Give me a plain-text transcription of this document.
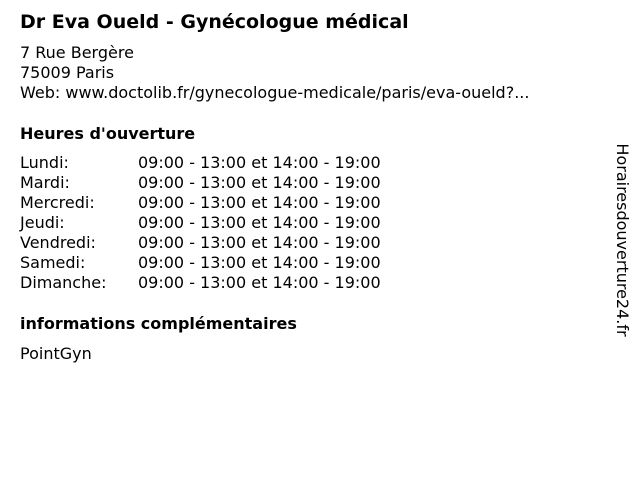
Dr Eva Oueld - Gynécologue médical
7 Rue Bergère
75009 Paris
Web: www.doctolib.fr/gynecologue-medicale/paris/eva-oueld?...
Heures d'ouverture
Lundi:	09:00 - 13:00 et 14:00 - 19:00
Mardi:	09:00 - 13:00 et 14:00 - 19:00
Mercredi:	09:00 - 13:00 et 14:00 - 19:00
Jeudi:	09:00 - 13:00 et 14:00 - 19:00
Vendredi:	09:00 - 13:00 et 14:00 - 19:00
Samedi:	09:00 - 13:00 et 14:00 - 19:00
Dimanche:	09:00 - 13:00 et 14:00 - 19:00
informations complémentaires
PointGyn
Horairesdouverture24.fr
